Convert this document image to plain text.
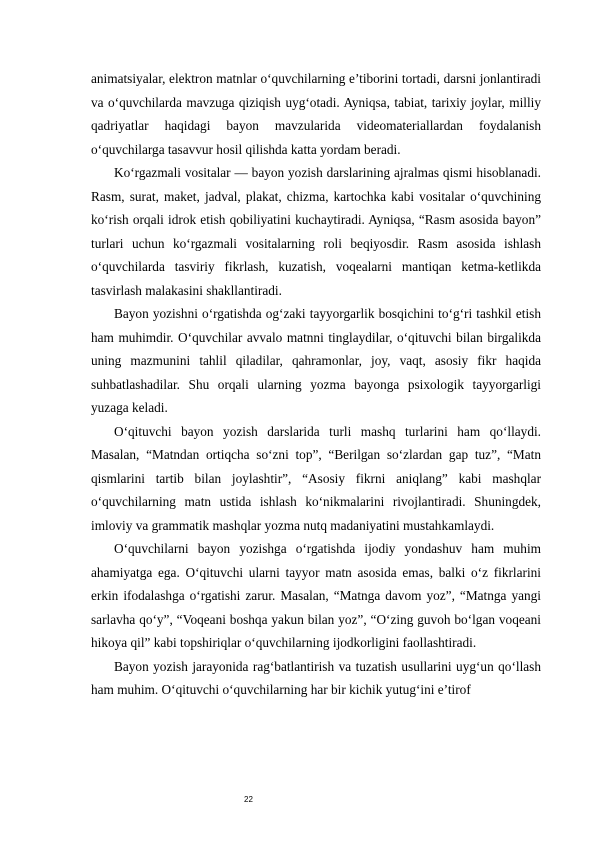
animatsiyalar, elektron matnlar o‘quvchilarning e’tiborini tortadi, darsni jonlantiradi va o‘quvchilarda mavzuga qiziqish uyg‘otadi. Ayniqsa, tabiat, tarixiy joylar, milliy qadriyatlar haqidagi bayon mavzularida videomateriallardan foydalanish o‘quvchilarga tasavvur hosil qilishda katta yordam beradi.

Ko‘rgazmali vositalar — bayon yozish darslarining ajralmas qismi hisoblanadi. Rasm, surat, maket, jadval, plakat, chizma, kartochka kabi vositalar o‘quvchining ko‘rish orqali idrok etish qobiliyatini kuchaytiradi. Ayniqsa, “Rasm asosida bayon” turlari uchun ko‘rgazmali vositalarning roli beqiyosdir. Rasm asosida ishlash o‘quvchilarda tasviriy fikrlash, kuzatish, voqealarni mantiqan ketma-ketlikda tasvirlash malakasini shakllantiradi.

Bayon yozishni o‘rgatishda og‘zaki tayyorgarlik bosqichini to‘g‘ri tashkil etish ham muhimdir. O‘quvchilar avvalo matnni tinglaydilar, o‘qituvchi bilan birgalikda uning mazmunini tahlil qiladilar, qahramonlar, joy, vaqt, asosiy fikr haqida suhbatlashadilar. Shu orqali ularning yozma bayonga psixologik tayyorgarligi yuzaga keladi.

O‘qituvchi bayon yozish darslarida turli mashq turlarini ham qo‘llaydi. Masalan, “Matndan ortiqcha so‘zni top”, “Berilgan so‘zlardan gap tuz”, “Matn qismlarini tartib bilan joylashtir”, “Asosiy fikrni aniqlang” kabi mashqlar o‘quvchilarning matn ustida ishlash ko‘nikmalarini rivojlantiradi. Shuningdek, imloviy va grammatik mashqlar yozma nutq madaniyatini mustahkamlaydi.

O‘quvchilarni bayon yozishga o‘rgatishda ijodiy yondashuv ham muhim ahamiyatga ega. O‘qituvchi ularni tayyor matn asosida emas, balki o‘z fikrlarini erkin ifodalashga o‘rgatishi zarur. Masalan, “Matnga davom yoz”, “Matnga yangi sarlavha qo‘y”, “Voqeani boshqa yakun bilan yoz”, “O‘zing guvoh bo‘lgan voqeani hikoya qil” kabi topshiriqlar o‘quvchilarning ijodkorligini faollashtiradi.

Bayon yozish jarayonida rag‘batlantirish va tuzatish usullarini uyg‘un qo‘llash ham muhim. O‘qituvchi o‘quvchilarning har bir kichik yutug‘ini e’tirof

22
